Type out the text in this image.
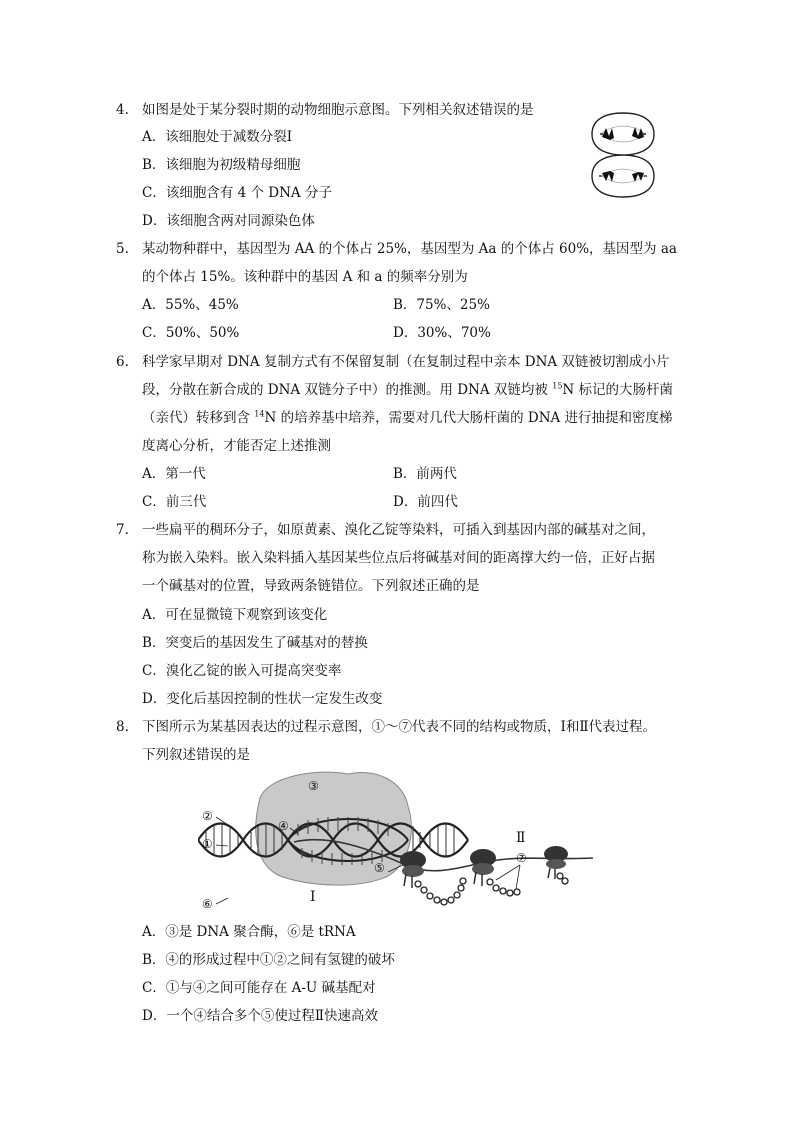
4. 如图是处于某分裂时期的动物细胞示意图。下列相关叙述错误的是
A．该细胞处于减数分裂Ⅰ
B．该细胞为初级精母细胞
C．该细胞含有 4 个 DNA 分子
D．该细胞含两对同源染色体
5. 某动物种群中，基因型为 AA 的个体占 25%，基因型为 Aa 的个体占 60%，基因型为 aa
的个体占 15%。该种群中的基因 A 和 a 的频率分别为
A．55%、45%	B．75%、25%
C．50%、50%	D．30%、70%
6. 科学家早期对 DNA 复制方式有不保留复制（在复制过程中亲本 DNA 双链被切割成小片
段，分散在新合成的 DNA 双链分子中）的推测。用 DNA 双链均被 $^{15}$N 标记的大肠杆菌
（亲代）转移到含 $^{14}$N 的培养基中培养，需要对几代大肠杆菌的 DNA 进行抽提和密度梯
度离心分析，才能否定上述推测
A．第一代	B．前两代
C．前三代	D．前四代
7. 一些扁平的稠环分子，如原黄素、溴化乙锭等染料，可插入到基因内部的碱基对之间，
称为嵌入染料。嵌入染料插入基因某些位点后将碱基对间的距离撑大约一倍，正好占据
一个碱基对的位置，导致两条链错位。下列叙述正确的是
A．可在显微镜下观察到该变化
B．突变后的基因发生了碱基对的替换
C．溴化乙锭的嵌入可提高突变率
D．变化后基因控制的性状一定发生改变
8. 下图所示为某基因表达的过程示意图，①～⑦代表不同的结构或物质，Ⅰ和Ⅱ代表过程。
下列叙述错误的是
②
①
③
④
⑤
⑥
⑦
Ⅰ
Ⅱ
A．③是 DNA 聚合酶，⑥是 tRNA
B．④的形成过程中①②之间有氢键的破坏
C．①与④之间可能存在 A-U 碱基配对
D．一个④结合多个⑤使过程Ⅱ快速高效
